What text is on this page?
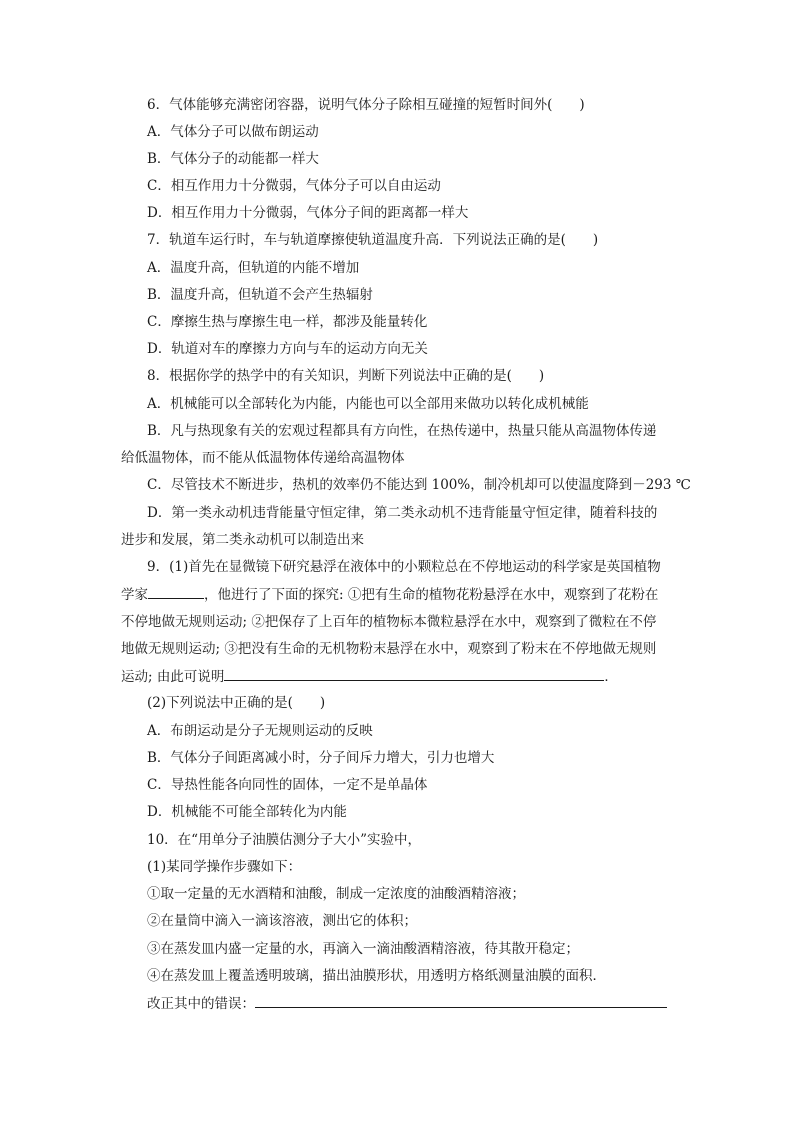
6．气体能够充满密闭容器，说明气体分子除相互碰撞的短暂时间外(　　)
A．气体分子可以做布朗运动
B．气体分子的动能都一样大
C．相互作用力十分微弱，气体分子可以自由运动
D．相互作用力十分微弱，气体分子间的距离都一样大
7．轨道车运行时，车与轨道摩擦使轨道温度升高．下列说法正确的是(　　)
A．温度升高，但轨道的内能不增加
B．温度升高，但轨道不会产生热辐射
C．摩擦生热与摩擦生电一样，都涉及能量转化
D．轨道对车的摩擦力方向与车的运动方向无关
8．根据你学的热学中的有关知识，判断下列说法中正确的是(　　)
A．机械能可以全部转化为内能，内能也可以全部用来做功以转化成机械能
B．凡与热现象有关的宏观过程都具有方向性，在热传递中，热量只能从高温物体传递
给低温物体，而不能从低温物体传递给高温物体
C．尽管技术不断进步，热机的效率仍不能达到 100%，制冷机却可以使温度降到－293 ℃
D．第一类永动机违背能量守恒定律，第二类永动机不违背能量守恒定律，随着科技的
进步和发展，第二类永动机可以制造出来
9．(1)首先在显微镜下研究悬浮在液体中的小颗粒总在不停地运动的科学家是英国植物
学家	，他进行了下面的探究: ①把有生命的植物花粉悬浮在水中，观察到了花粉在
不停地做无规则运动; ②把保存了上百年的植物标本微粒悬浮在水中，观察到了微粒在不停
地做无规则运动; ③把没有生命的无机物粉末悬浮在水中，观察到了粉末在不停地做无规则
运动; 由此可说明	．
(2)下列说法中正确的是(　　)
A．布朗运动是分子无规则运动的反映
B．气体分子间距离减小时，分子间斥力增大，引力也增大
C．导热性能各向同性的固体，一定不是单晶体
D．机械能不可能全部转化为内能
10．在“用单分子油膜估测分子大小”实验中，
(1)某同学操作步骤如下：
①取一定量的无水酒精和油酸，制成一定浓度的油酸酒精溶液；
②在量筒中滴入一滴该溶液，测出它的体积；
③在蒸发皿内盛一定量的水，再滴入一滴油酸酒精溶液，待其散开稳定；
④在蒸发皿上覆盖透明玻璃，描出油膜形状，用透明方格纸测量油膜的面积．
改正其中的错误：
